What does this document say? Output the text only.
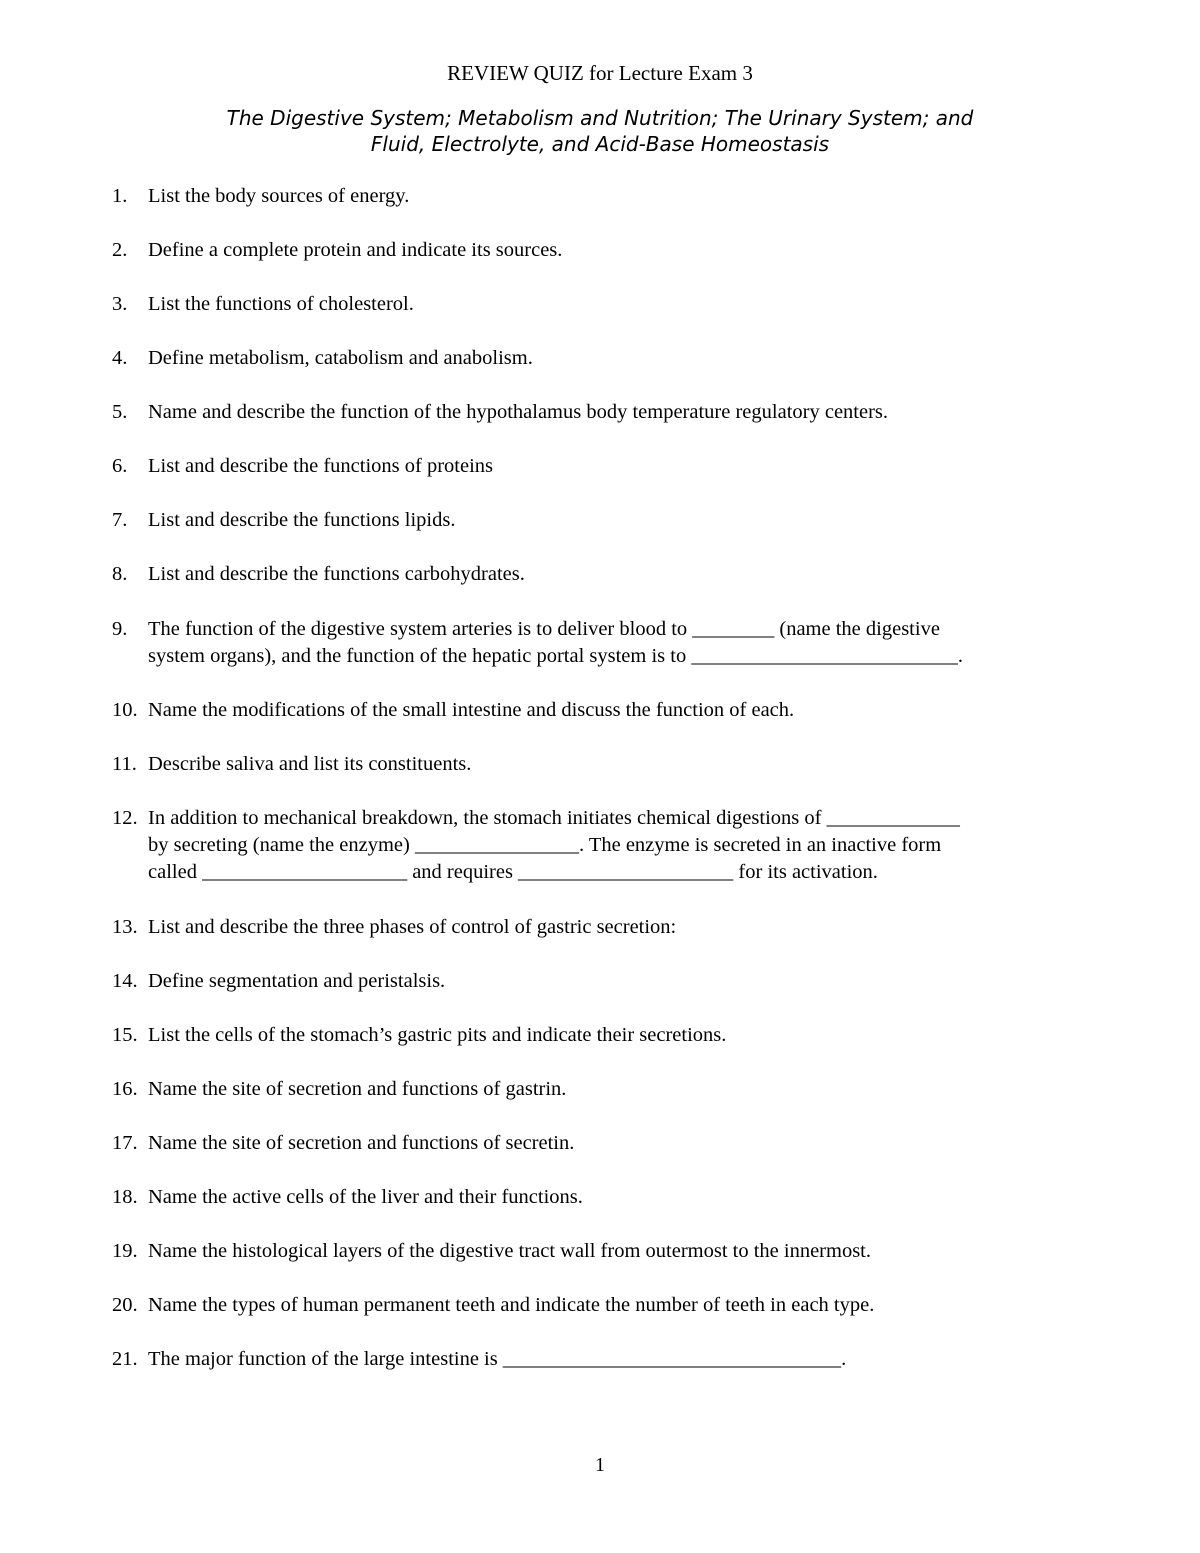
REVIEW QUIZ for Lecture Exam 3
The Digestive System; Metabolism and Nutrition; The Urinary System; and
Fluid, Electrolyte, and Acid-Base Homeostasis
1. List the body sources of energy.
2. Define a complete protein and indicate its sources.
3. List the functions of cholesterol.
4. Define metabolism, catabolism and anabolism.
5. Name and describe the function of the hypothalamus body temperature regulatory centers.
6. List and describe the functions of proteins
7. List and describe the functions lipids.
8. List and describe the functions carbohydrates.
9. The function of the digestive system arteries is to deliver blood to ________ (name the digestive
system organs), and the function of the hepatic portal system is to __________________________.
10. Name the modifications of the small intestine and discuss the function of each.
11. Describe saliva and list its constituents.
12. In addition to mechanical breakdown, the stomach initiates chemical digestions of _____________
by secreting (name the enzyme) ________________. The enzyme is secreted in an inactive form
called ____________________ and requires _____________________ for its activation.
13. List and describe the three phases of control of gastric secretion:
14. Define segmentation and peristalsis.
15. List the cells of the stomach’s gastric pits and indicate their secretions.
16. Name the site of secretion and functions of gastrin.
17. Name the site of secretion and functions of secretin.
18. Name the active cells of the liver and their functions.
19. Name the histological layers of the digestive tract wall from outermost to the innermost.
20. Name the types of human permanent teeth and indicate the number of teeth in each type.
21. The major function of the large intestine is _________________________________.
1
